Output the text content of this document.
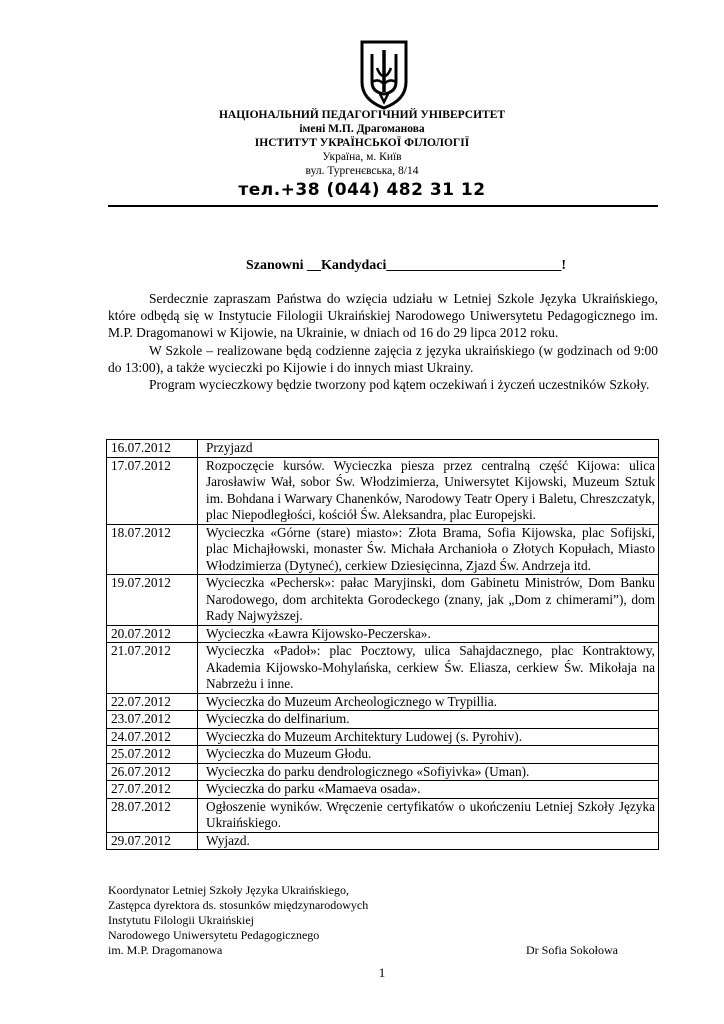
НАЦІОНАЛЬНИЙ ПЕДАГОГІЧНИЙ УНІВЕРСИТЕТ
імені М.П. Драгоманова
ІНСТИТУТ УКРАЇНСЬКОЇ ФІЛОЛОГІЇ
Україна, м. Київ
вул. Тургенєвська, 8/14
тел.+38 (044) 482 31 12
Szanowni __Kandydaci_________________________!

Serdecznie zapraszam Państwa do wzięcia udziału w Letniej Szkole Języka Ukraińskiego, które odbędą się w Instytucie Filologii Ukraińskiej Narodowego Uniwersytetu Pedagogicznego im. M.P. Dragomanowi w Kijowie, na Ukrainie, w dniach od 16 do 29 lipca 2012 roku.

W Szkole – realizowane będą codzienne zajęcia z języka ukraińskiego (w godzinach od 9:00 do 13:00), a także wycieczki po Kijowie i do innych miast Ukrainy.

Program wycieczkowy będzie tworzony pod kątem oczekiwań i życzeń uczestników Szkoły.

16.07.2012	Przyjazd
17.07.2012	Rozpoczęcie kursów. Wycieczka piesza przez centralną część Kijowa: ulica Jarosławiw Wał, sobor Św. Włodzimierza, Uniwersytet Kijowski, Muzeum Sztuk im. Bohdana i Warwary Chanenków, Narodowy Teatr Opery i Baletu, Chreszczatyk, plac Niepodległości, kościół Św. Aleksandra, plac Europejski.
18.07.2012	Wycieczka «Górne (stare) miasto»: Złota Brama, Sofia Kijowska, plac Sofijski, plac Michajłowski, monaster Św. Michała Archanioła o Złotych Kopułach, Miasto Włodzimierza (Dytyneć), cerkiew Dziesięcinna, Zjazd Św. Andrzeja itd.
19.07.2012	Wycieczka «Pechersk»: pałac Maryjinski, dom Gabinetu Ministrów, Dom Banku Narodowego, dom architekta Gorodeckego (znany, jak „Dom z chimerami”), dom Rady Najwyższej.
20.07.2012	Wycieczka «Ławra Kijowsko-Peczerska».
21.07.2012	Wycieczka «Padoł»: plac Pocztowy, ulica Sahajdacznego, plac Kontraktowy, Akademia Kijowsko-Mohylańska, cerkiew Św. Eliasza, cerkiew Św. Mikołaja na Nabrzeżu i inne.
22.07.2012	Wycieczka do Muzeum Archeologicznego w Trypillia.
23.07.2012	Wycieczka do delfinarium.
24.07.2012	Wycieczka do Muzeum Architektury Ludowej (s. Pyrohiv).
25.07.2012	Wycieczka do Muzeum Głodu.
26.07.2012	Wycieczka do parku dendrologicznego «Sofiyivka» (Uman).
27.07.2012	Wycieczka do parku «Mamaeva osada».
28.07.2012	Ogłoszenie wyników. Wręczenie certyfikatów o ukończeniu Letniej Szkoły Języka Ukraińskiego.
29.07.2012	Wyjazd.
Koordynator Letniej Szkoły Języka Ukraińskiego,
Zastępca dyrektora ds. stosunków międzynarodowych
Instytutu Filologii Ukraińskiej
Narodowego Uniwersytetu Pedagogicznego
im. M.P. Dragomanowa	Dr Sofia Sokołowa
1
